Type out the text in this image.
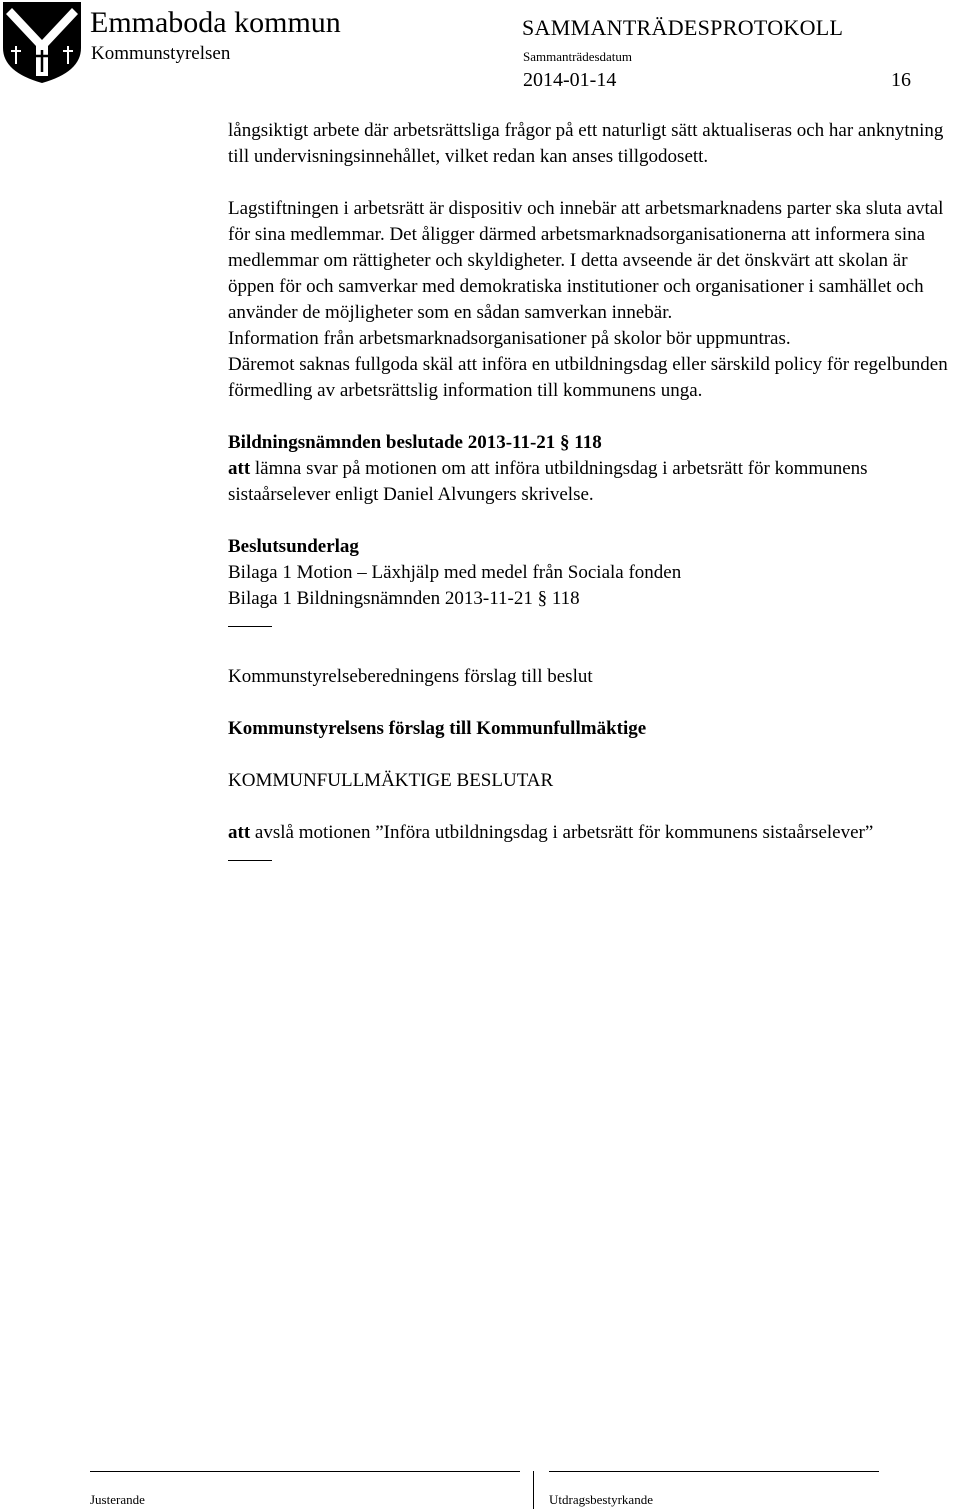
Emmaboda kommun
Kommunstyrelsen
SAMMANTRÄDESPROTOKOLL
Sammanträdesdatum
2014-01-14	16

långsiktigt arbete där arbetsrättsliga frågor på ett naturligt sätt aktualiseras och har anknytning till undervisningsinnehållet, vilket redan kan anses tillgodosett.

Lagstiftningen i arbetsrätt är dispositiv och innebär att arbetsmarknadens parter ska sluta avtal för sina medlemmar. Det åligger därmed arbetsmarknadsorganisationerna att informera sina medlemmar om rättigheter och skyldigheter. I detta avseende är det önskvärt att skolan är öppen för och samverkar med demokratiska institutioner och organisationer i samhället och använder de möjligheter som en sådan samverkan innebär.

Information från arbetsmarknadsorganisationer på skolor bör uppmuntras.

Däremot saknas fullgoda skäl att införa en utbildningsdag eller särskild policy för regelbunden förmedling av arbetsrättslig information till kommunens unga.

Bildningsnämnden beslutade 2013-11-21 § 118

att lämna svar på motionen om att införa utbildningsdag i arbetsrätt för kommunens sistaårselever enligt Daniel Alvungers skrivelse.

Beslutsunderlag

Bilaga 1 Motion – Läxhjälp med medel från Sociala fonden

Bilaga 1 Bildningsnämnden 2013-11-21 § 118

Kommunstyrelseberedningens förslag till beslut

Kommunstyrelsens förslag till Kommunfullmäktige

KOMMUNFULLMÄKTIGE BESLUTAR

att avslå motionen ”Införa utbildningsdag i arbetsrätt för kommunens sistaårselever”

Justerande	Utdragsbestyrkande
